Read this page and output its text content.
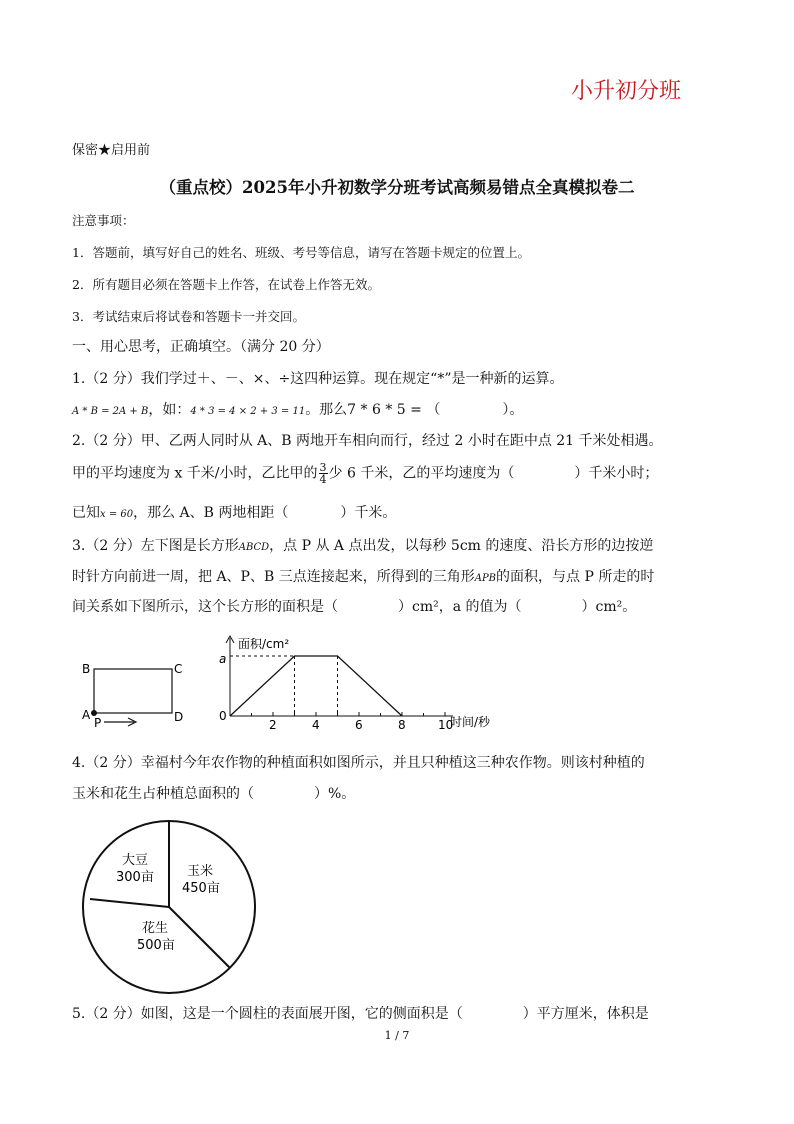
小升初分班
保密★启用前
（重点校）2025年小升初数学分班考试高频易错点全真模拟卷二
注意事项：
1．答题前，填写好自己的姓名、班级、考号等信息，请写在答题卡规定的位置上。
2．所有题目必须在答题卡上作答，在试卷上作答无效。
3．考试结束后将试卷和答题卡一并交回。
一、用心思考，正确填空。（满分 20 分）
1.（2 分）我们学过＋、－、×、÷这四种运算。现在规定“*”是一种新的运算。
A * B = 2A + B，如：4 * 3 = 4 × 2 + 3 = 11。那么7 * 6 * 5 = （	）。
2.（2 分）甲、乙两人同时从 A、B 两地开车相向而行，经过 2 小时在距中点 21 千米处相遇。
甲的平均速度为 x 千米/小时，乙比甲的 $\frac{3}{4}$ 少 6 千米，乙的平均速度为（	）千米小时；
已知x = 60，那么 A、B 两地相距（	）千米。
3.（2 分）左下图是长方形ABCD，点 P 从 A 点出发，以每秒 5cm 的速度、沿长方形的边按逆
时针方向前进一周，把 A、P、B 三点连接起来，所得到的三角形APB的面积，与点 P 所走的时
间关系如下图所示，这个长方形的面积是（	）cm²，a 的值为（	）cm²。
B	C
A	D
P
面积/cm²
时间/秒
a
0
2	4	6	8	10
4.（2 分）幸福村今年农作物的种植面积如图所示，并且只种植这三种农作物。则该村种植的
玉米和花生占种植总面积的（	）%。
大豆
300亩	玉米
450亩
花生
500亩
5.（2 分）如图，这是一个圆柱的表面展开图，它的侧面积是（	）平方厘米，体积是
1 / 7
